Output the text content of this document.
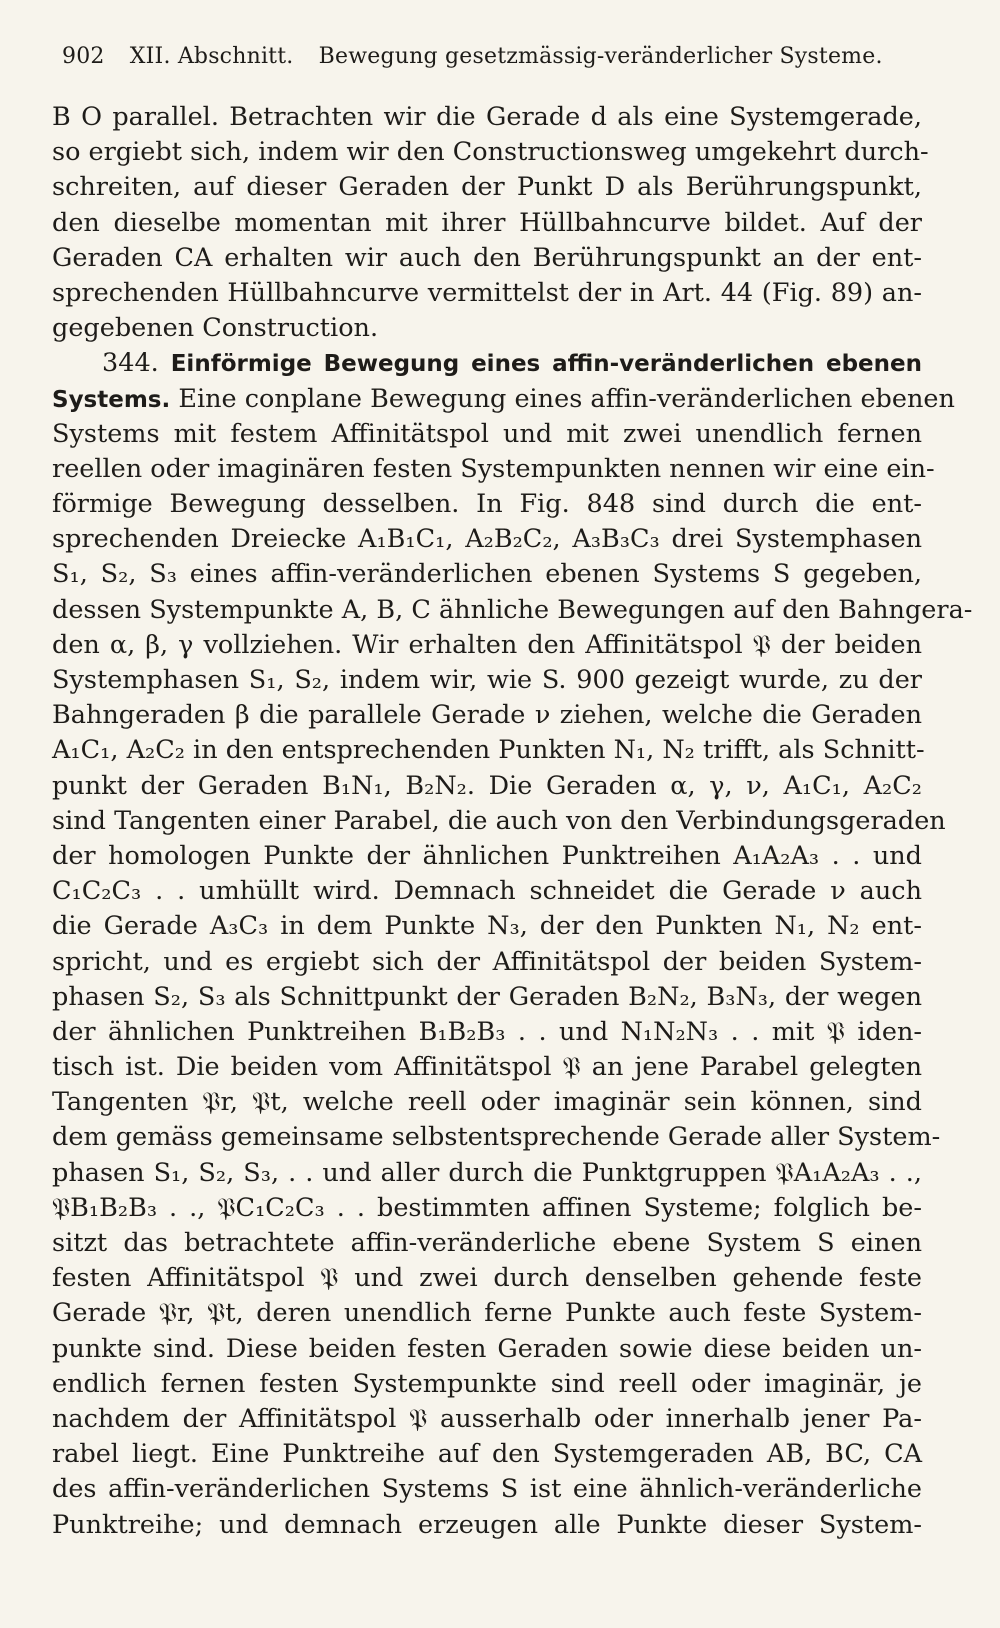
902 XII. Abschnitt. Bewegung gesetzmässig-veränderlicher Systeme.
B O parallel. Betrachten wir die Gerade d als eine Systemgerade,
so ergiebt sich, indem wir den Constructionsweg umgekehrt durch-
schreiten, auf dieser Geraden der Punkt D als Berührungspunkt,
den dieselbe momentan mit ihrer Hüllbahncurve bildet. Auf der
Geraden CA erhalten wir auch den Berührungspunkt an der ent-
sprechenden Hüllbahncurve vermittelst der in Art. 44 (Fig. 89) an-
gegebenen Construction.
344. Einförmige Bewegung eines affin-veränderlichen ebenen
Systems. Eine conplane Bewegung eines affin-veränderlichen ebenen
Systems mit festem Affinitätspol und mit zwei unendlich fernen
reellen oder imaginären festen Systempunkten nennen wir eine ein-
förmige Bewegung desselben. In Fig. 848 sind durch die ent-
sprechenden Dreiecke A₁B₁C₁, A₂B₂C₂, A₃B₃C₃ drei Systemphasen
S₁, S₂, S₃ eines affin-veränderlichen ebenen Systems S gegeben,
dessen Systempunkte A, B, C ähnliche Bewegungen auf den Bahngera-
den α, β, γ vollziehen. Wir erhalten den Affinitätspol 𝔓 der beiden
Systemphasen S₁, S₂, indem wir, wie S. 900 gezeigt wurde, zu der
Bahngeraden β die parallele Gerade ν ziehen, welche die Geraden
A₁C₁, A₂C₂ in den entsprechenden Punkten N₁, N₂ trifft, als Schnitt-
punkt der Geraden B₁N₁, B₂N₂. Die Geraden α, γ, ν, A₁C₁, A₂C₂
sind Tangenten einer Parabel, die auch von den Verbindungsgeraden
der homologen Punkte der ähnlichen Punktreihen A₁A₂A₃ . . und
C₁C₂C₃ . . umhüllt wird. Demnach schneidet die Gerade ν auch
die Gerade A₃C₃ in dem Punkte N₃, der den Punkten N₁, N₂ ent-
spricht, und es ergiebt sich der Affinitätspol der beiden System-
phasen S₂, S₃ als Schnittpunkt der Geraden B₂N₂, B₃N₃, der wegen
der ähnlichen Punktreihen B₁B₂B₃ . . und N₁N₂N₃ . . mit 𝔓 iden-
tisch ist. Die beiden vom Affinitätspol 𝔓 an jene Parabel gelegten
Tangenten 𝔓r, 𝔓t, welche reell oder imaginär sein können, sind
dem gemäss gemeinsame selbstentsprechende Gerade aller System-
phasen S₁, S₂, S₃, . . und aller durch die Punktgruppen 𝔓A₁A₂A₃ . .,
𝔓B₁B₂B₃ . ., 𝔓C₁C₂C₃ . . bestimmten affinen Systeme; folglich be-
sitzt das betrachtete affin-veränderliche ebene System S einen
festen Affinitätspol 𝔓 und zwei durch denselben gehende feste
Gerade 𝔓r, 𝔓t, deren unendlich ferne Punkte auch feste System-
punkte sind. Diese beiden festen Geraden sowie diese beiden un-
endlich fernen festen Systempunkte sind reell oder imaginär, je
nachdem der Affinitätspol 𝔓 ausserhalb oder innerhalb jener Pa-
rabel liegt. Eine Punktreihe auf den Systemgeraden AB, BC, CA
des affin-veränderlichen Systems S ist eine ähnlich-veränderliche
Punktreihe; und demnach erzeugen alle Punkte dieser System-
